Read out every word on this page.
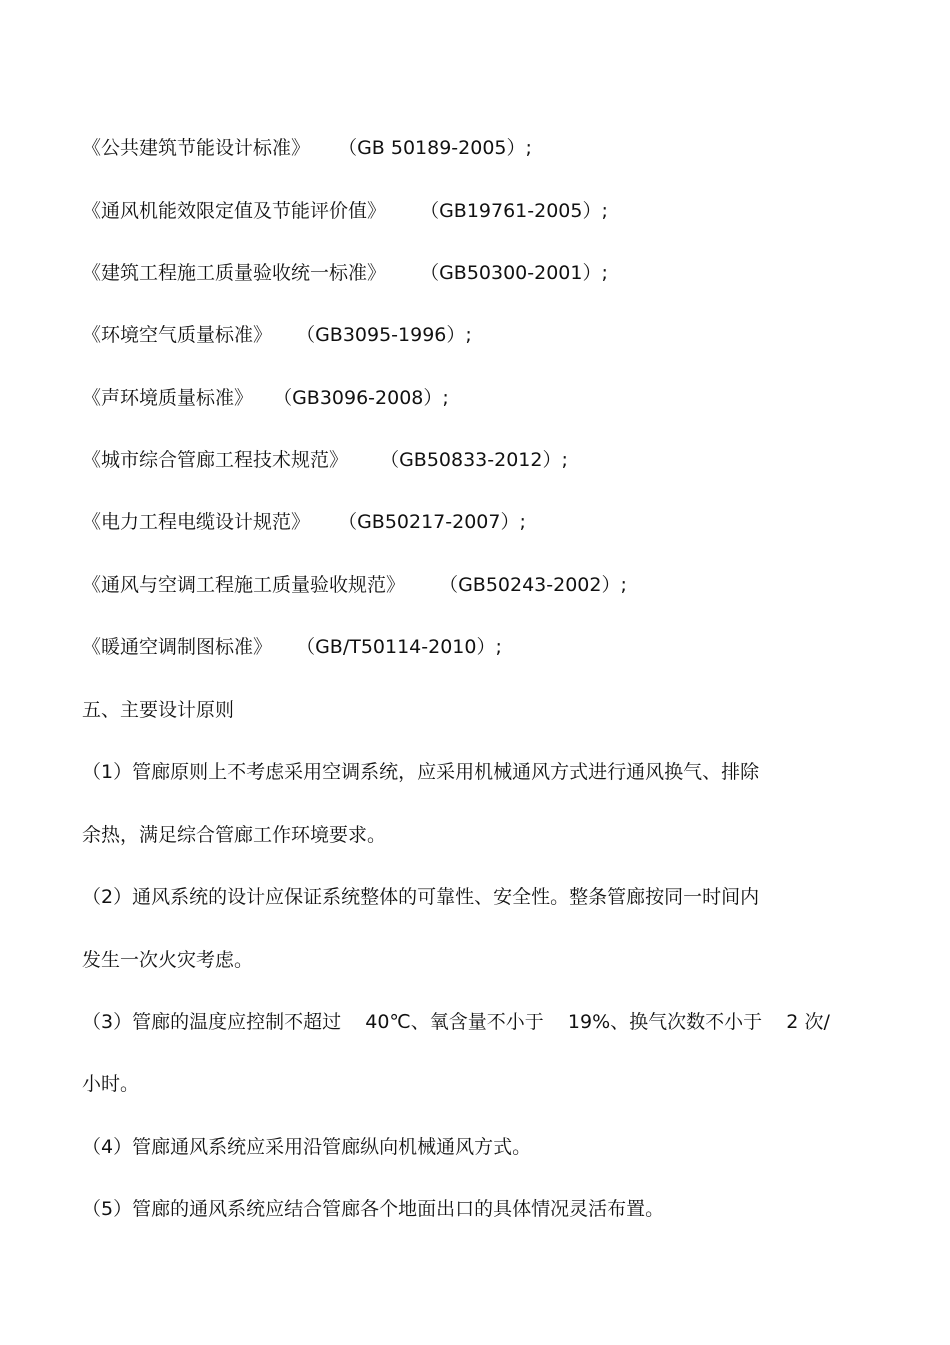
《公共建筑节能设计标准》 （GB 50189-2005）;
《通风机能效限定值及节能评价值》 （GB19761-2005）;
《建筑工程施工质量验收统一标准》 （GB50300-2001）;
《环境空气质量标准》 （GB3095-1996）;
《声环境质量标准》 （GB3096-2008）;
《城市综合管廊工程技术规范》 （GB50833-2012）;
《电力工程电缆设计规范》 （GB50217-2007）;
《通风与空调工程施工质量验收规范》 （GB50243-2002）;
《暖通空调制图标准》 （GB/T50114-2010）;
五、主要设计原则
（1）管廊原则上不考虑采用空调系统，应采用机械通风方式进行通风换气、排除
余热，满足综合管廊工作环境要求。
（2）通风系统的设计应保证系统整体的可靠性、安全性。整条管廊按同一时间内
发生一次火灾考虑。
（3）管廊的温度应控制不超过    40℃、氧含量不小于    19%、换气次数不小于    2 次/
小时。
（4）管廊通风系统应采用沿管廊纵向机械通风方式。
（5）管廊的通风系统应结合管廊各个地面出口的具体情况灵活布置。
